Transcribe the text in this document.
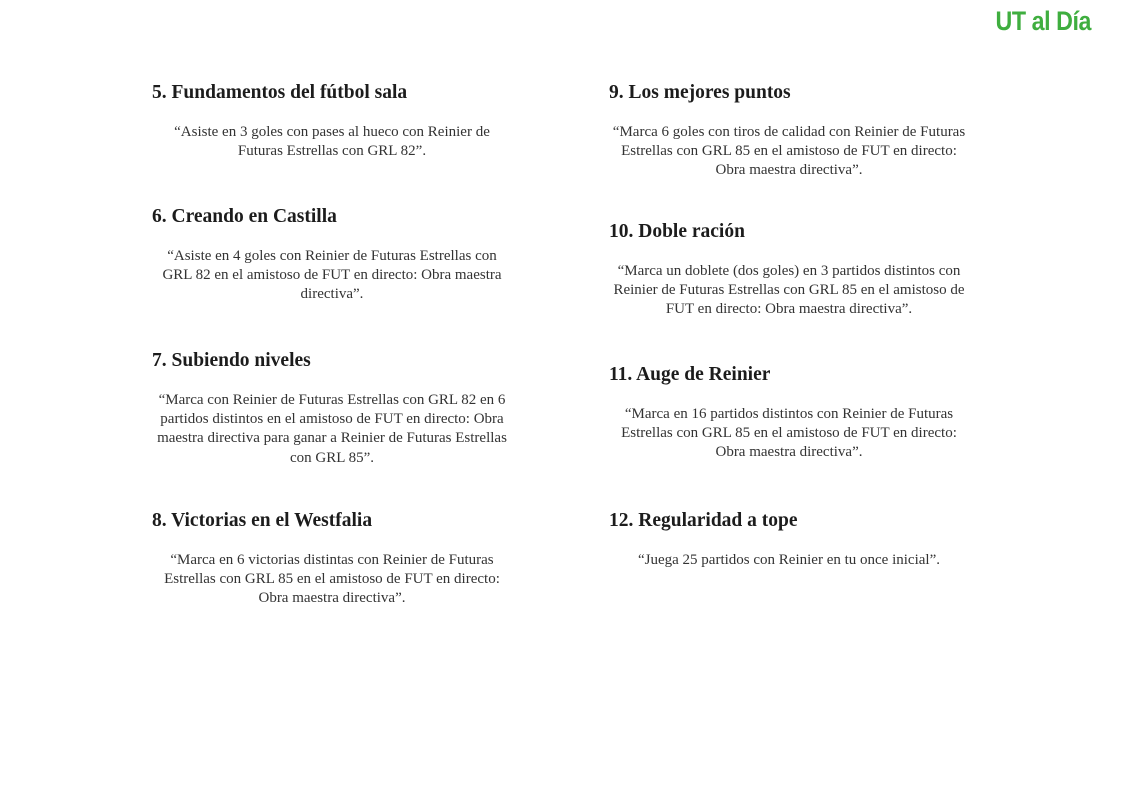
UT al Día
5. Fundamentos del fútbol sala

“Asiste en 3 goles con pases al hueco con Reinier de Futuras Estrellas con GRL 82”.

6. Creando en Castilla

“Asiste en 4 goles con Reinier de Futuras Estrellas con GRL 82 en el amistoso de FUT en directo: Obra maestra directiva”.

7. Subiendo niveles

“Marca con Reinier de Futuras Estrellas con GRL 82 en 6 partidos distintos en el amistoso de FUT en directo: Obra maestra directiva para ganar a Reinier de Futuras Estrellas con GRL 85”.

8. Victorias en el Westfalia

“Marca en 6 victorias distintas con Reinier de Futuras Estrellas con GRL 85 en el amistoso de FUT en directo: Obra maestra directiva”.

9. Los mejores puntos

“Marca 6 goles con tiros de calidad con Reinier de Futuras Estrellas con GRL 85 en el amistoso de FUT en directo: Obra maestra directiva”.

10. Doble ración

“Marca un doblete (dos goles) en 3 partidos distintos con Reinier de Futuras Estrellas con GRL 85 en el amistoso de FUT en directo: Obra maestra directiva”.

11. Auge de Reinier

“Marca en 16 partidos distintos con Reinier de Futuras Estrellas con GRL 85 en el amistoso de FUT en directo: Obra maestra directiva”.

12. Regularidad a tope

“Juega 25 partidos con Reinier en tu once inicial”.
